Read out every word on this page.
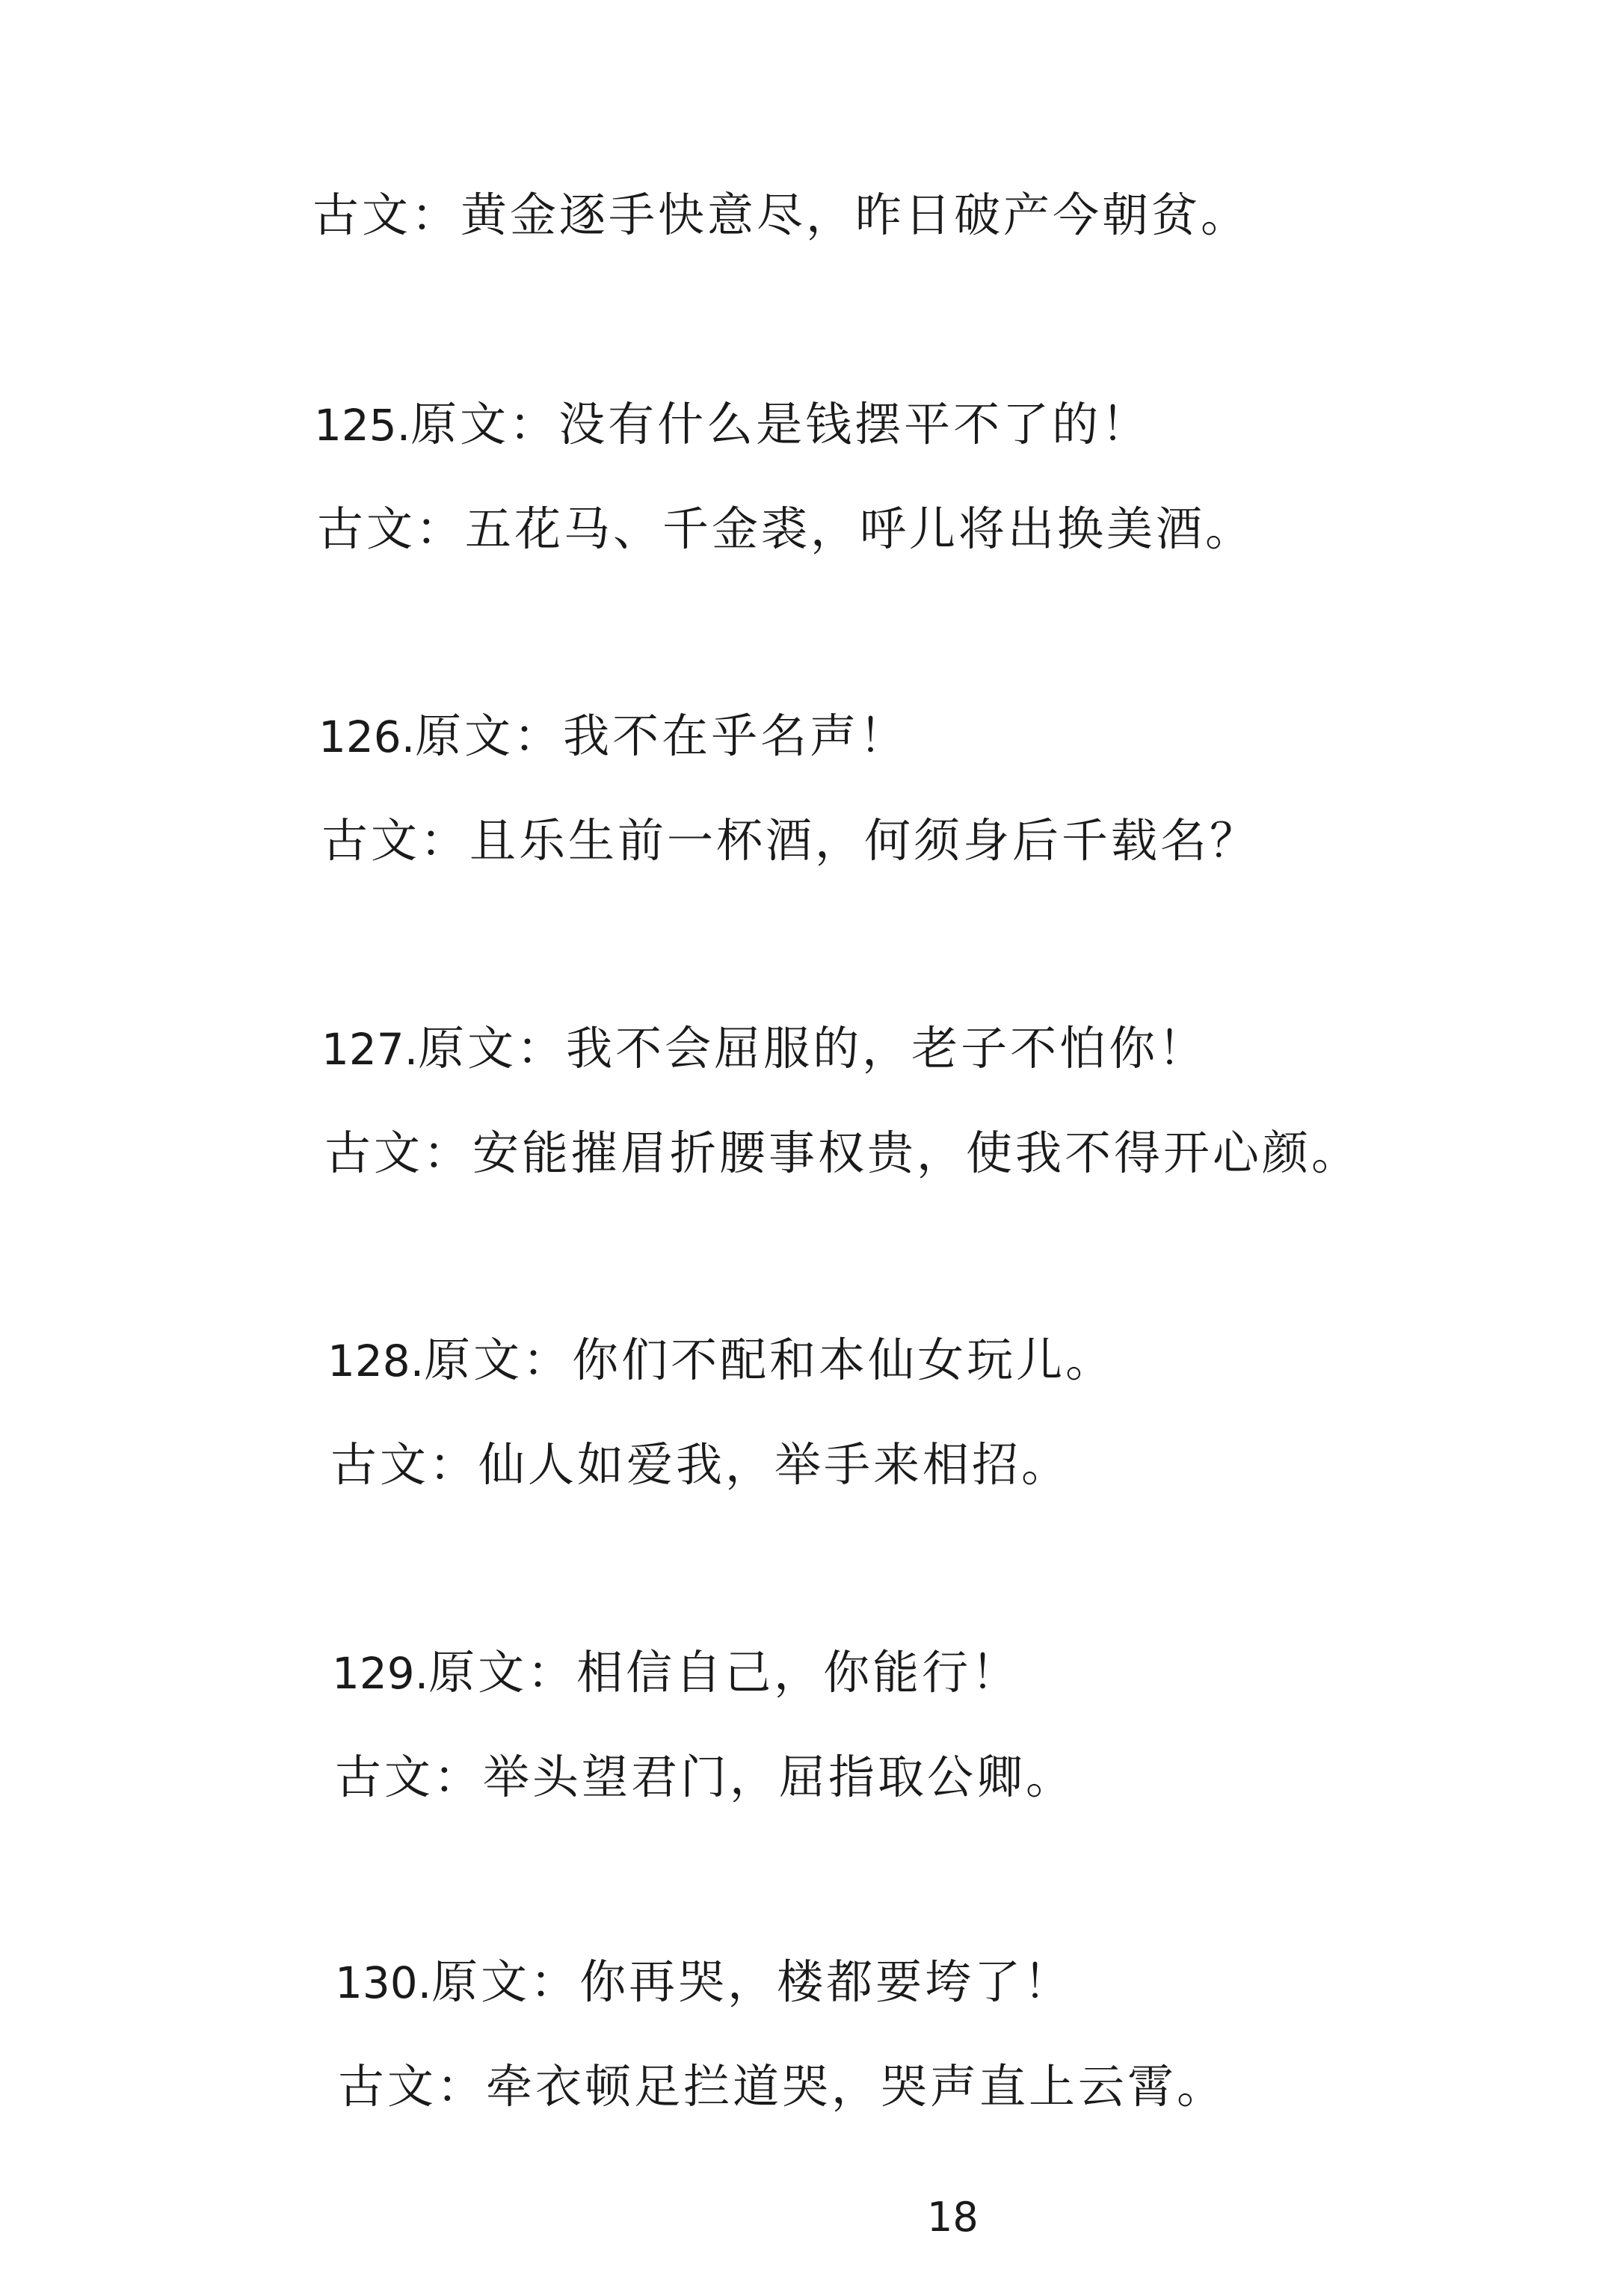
古文：黄金逐手快意尽，昨日破产今朝贫。
125.原文：没有什么是钱摆平不了的！
古文：五花马、千金裘，呼儿将出换美酒。
126.原文：我不在乎名声！
古文：且乐生前一杯酒，何须身后千载名？
127.原文：我不会屈服的，老子不怕你！
古文：安能摧眉折腰事权贵，使我不得开心颜。
128.原文：你们不配和本仙女玩儿。
古文：仙人如爱我，举手来相招。
129.原文：相信自己，你能行！
古文：举头望君门，屈指取公卿。
130.原文：你再哭，楼都要垮了！
古文：牵衣顿足拦道哭，哭声直上云霄。
18
